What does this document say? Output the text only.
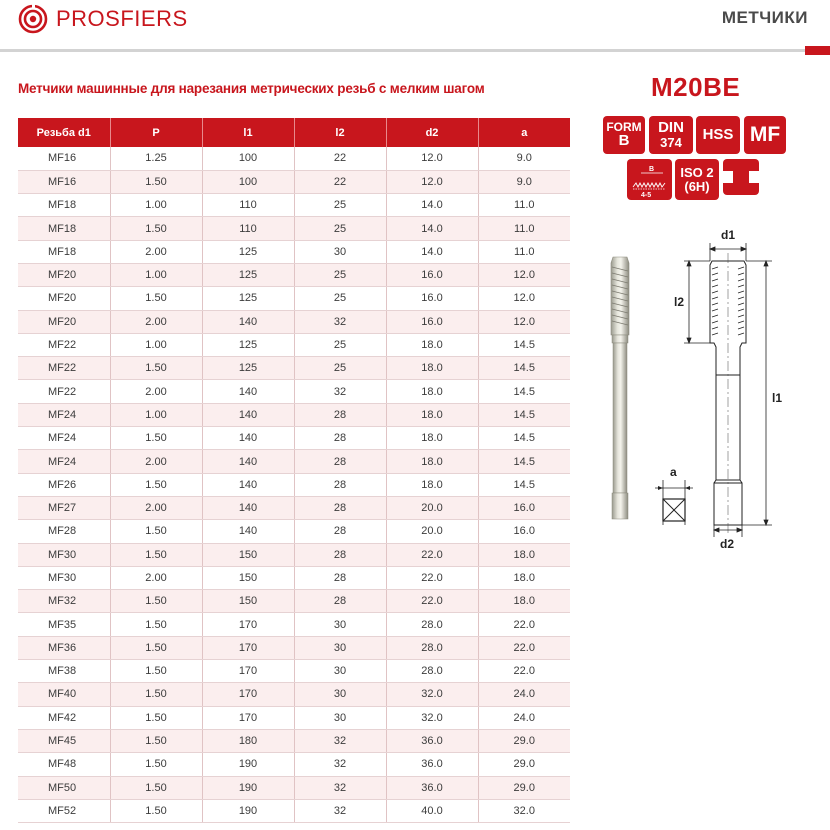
PROSFIERS	МЕТЧИКИ
Метчики машинные для нарезания метрических резьб с мелким шагом	M20BE
Резьба d1	P	l1	l2	d2	a
MF16	1.25	100	22	12.0	9.0
MF16	1.50	100	22	12.0	9.0
MF18	1.00	110	25	14.0	11.0
MF18	1.50	110	25	14.0	11.0
MF18	2.00	125	30	14.0	11.0
MF20	1.00	125	25	16.0	12.0
MF20	1.50	125	25	16.0	12.0
MF20	2.00	140	32	16.0	12.0
MF22	1.00	125	25	18.0	14.5
MF22	1.50	125	25	18.0	14.5
MF22	2.00	140	32	18.0	14.5
MF24	1.00	140	28	18.0	14.5
MF24	1.50	140	28	18.0	14.5
MF24	2.00	140	28	18.0	14.5
MF26	1.50	140	28	18.0	14.5
MF27	2.00	140	28	20.0	16.0
MF28	1.50	140	28	20.0	16.0
MF30	1.50	150	28	22.0	18.0
MF30	2.00	150	28	22.0	18.0
MF32	1.50	150	28	22.0	18.0
MF35	1.50	170	30	28.0	22.0
MF36	1.50	170	30	28.0	22.0
MF38	1.50	170	30	28.0	22.0
MF40	1.50	170	30	32.0	24.0
MF42	1.50	170	30	32.0	24.0
MF45	1.50	180	32	36.0	29.0
MF48	1.50	190	32	36.0	29.0
MF50	1.50	190	32	36.0	29.0
MF52	1.50	190	32	40.0	32.0
FORM
B
DIN
374 HSS MF
B
4-5
ISO 2
(6H)
d1
l2
l1
a
d2
